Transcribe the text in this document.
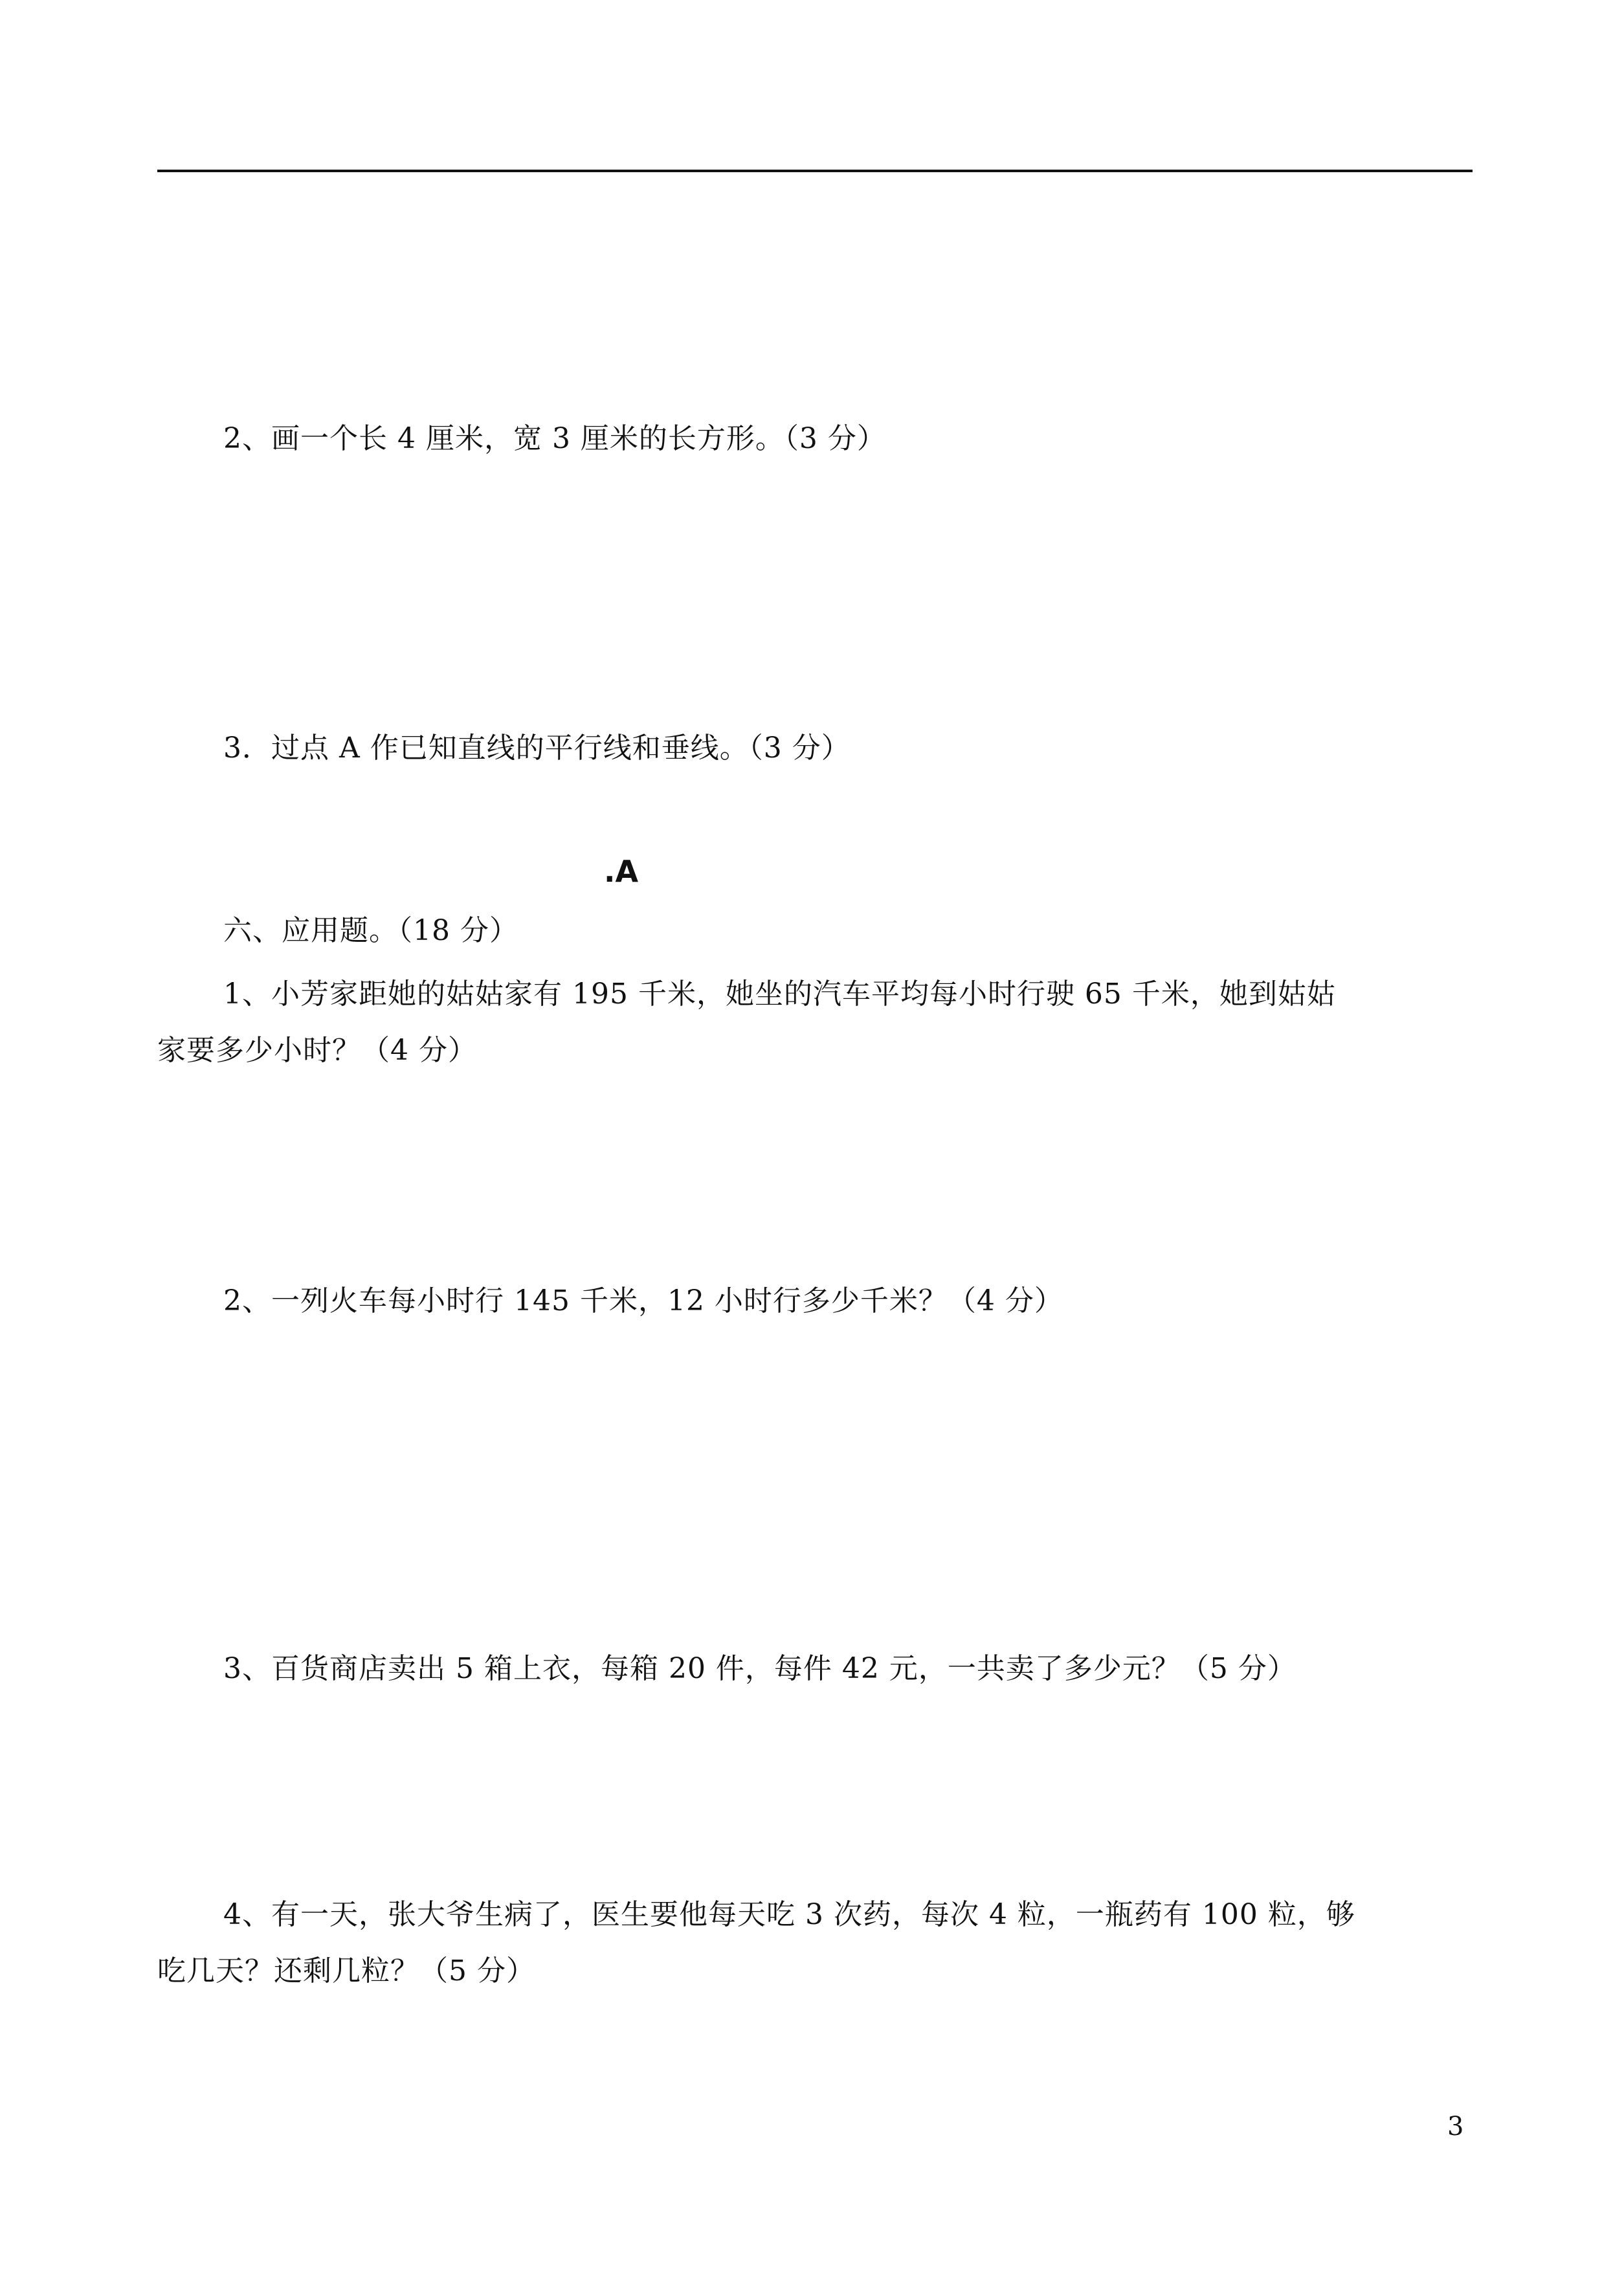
2、画一个长 4 厘米，宽 3 厘米的长方形。（3 分）
3．过点 A 作已知直线的平行线和垂线。（3 分）
.A
六、应用题。（18 分）
1、小芳家距她的姑姑家有 195 千米，她坐的汽车平均每小时行驶 65 千米，她到姑姑
家要多少小时？（4 分）
2、一列火车每小时行 145 千米，12 小时行多少千米？（4 分）
3、百货商店卖出 5 箱上衣，每箱 20 件，每件 42 元，一共卖了多少元？（5 分）
4、有一天，张大爷生病了，医生要他每天吃 3 次药，每次 4 粒，一瓶药有 100 粒，够
吃几天？还剩几粒？（5 分）
3
